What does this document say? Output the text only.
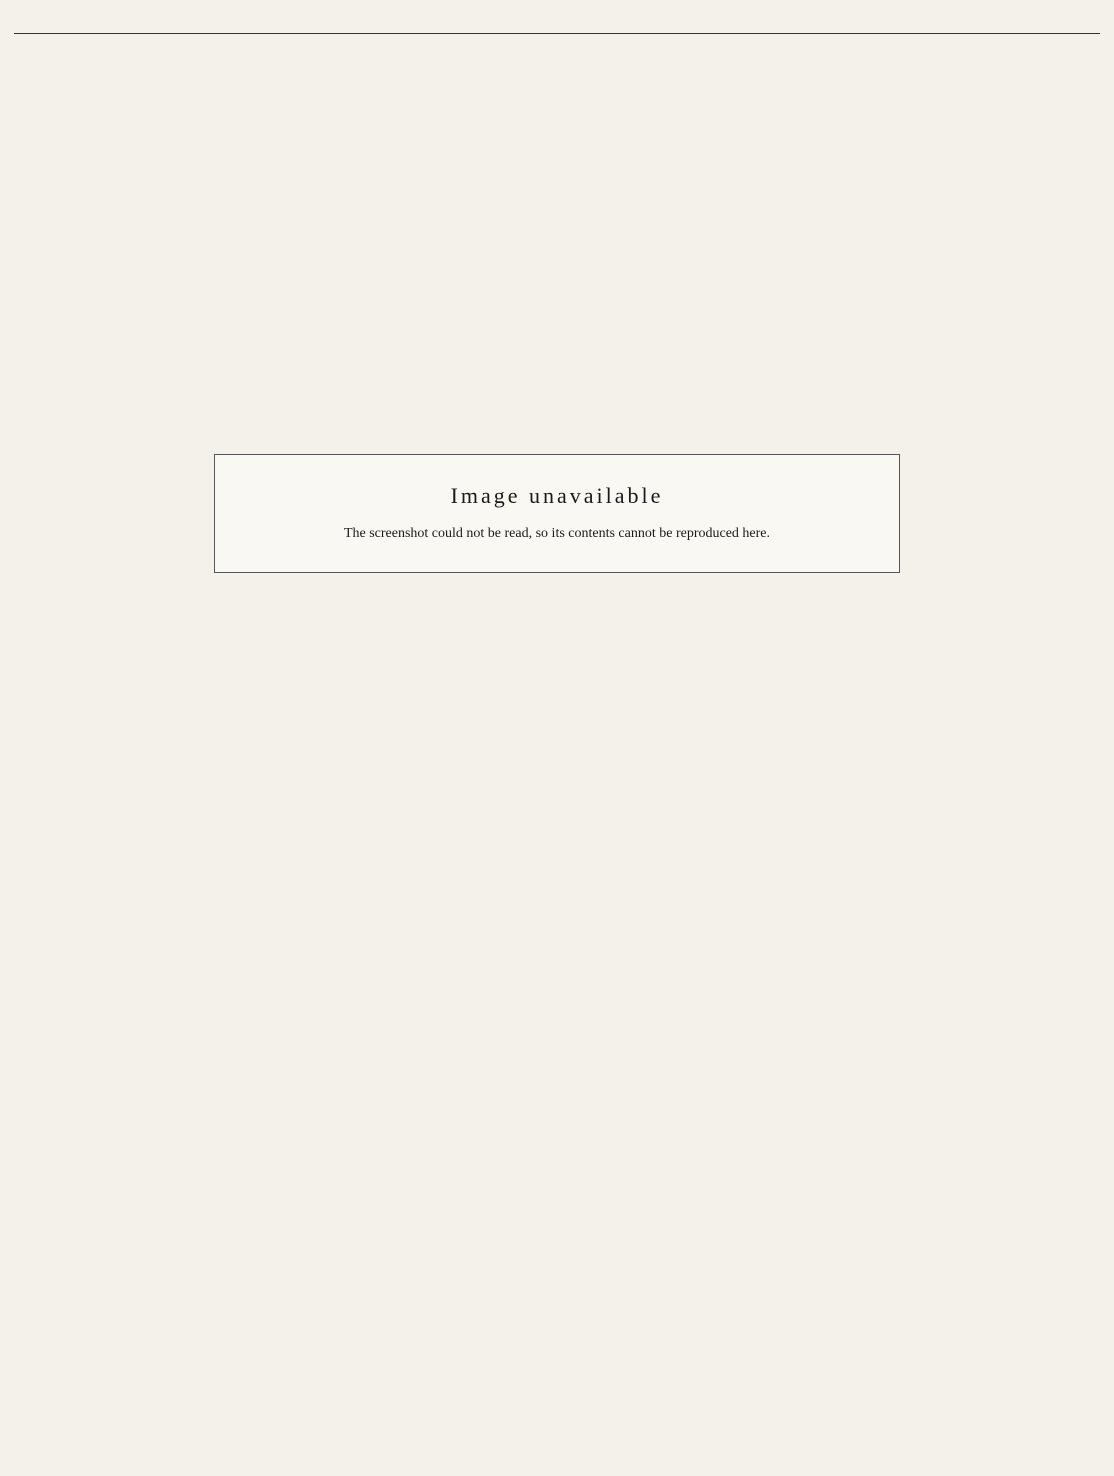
Image unavailable

The screenshot could not be read, so its contents cannot be reproduced here.
